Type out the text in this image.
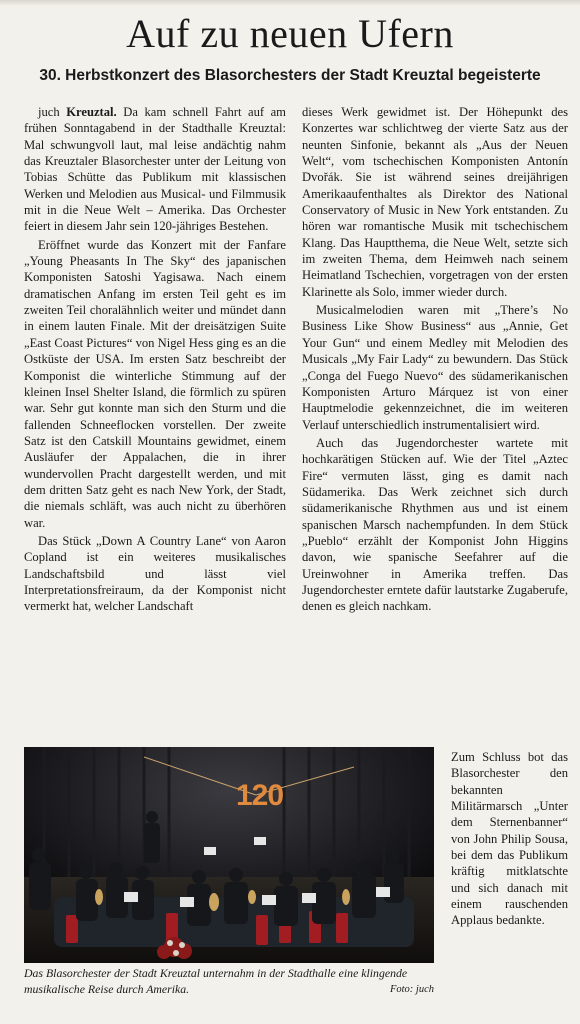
Auf zu neuen Ufern
30. Herbstkonzert des Blasorchesters der Stadt Kreuztal begeisterte

juch Kreuztal. Da kam schnell Fahrt auf am frühen Sonntagabend in der Stadthalle Kreuztal: Mal schwungvoll laut, mal leise andächtig nahm das Kreuztaler Blasorchester unter der Leitung von Tobias Schütte das Publikum mit klassischen Werken und Melodien aus Musical- und Filmmusik mit in die Neue Welt – Amerika. Das Orchester feiert in diesem Jahr sein 120-jähriges Bestehen.

Eröffnet wurde das Konzert mit der Fanfare „Young Pheasants In The Sky“ des japanischen Komponisten Satoshi Yagisawa. Nach einem dramatischen Anfang im ersten Teil geht es im zweiten Teil choralähnlich weiter und mündet dann in einem lauten Finale. Mit der dreisätzigen Suite „East Coast Pictures“ von Nigel Hess ging es an die Ostküste der USA. Im ersten Satz beschreibt der Komponist die winterliche Stimmung auf der kleinen Insel Shelter Island, die förmlich zu spüren war. Sehr gut konnte man sich den Sturm und die fallenden Schneeflocken vorstellen. Der zweite Satz ist den Catskill Mountains gewidmet, einem Ausläufer der Appalachen, die in ihrer wundervollen Pracht dargestellt werden, und mit dem dritten Satz geht es nach New York, der Stadt, die niemals schläft, was auch nicht zu überhören war.

Das Stück „Down A Country Lane“ von Aaron Copland ist ein weiteres musikalisches Landschaftsbild und lässt viel Interpretationsfreiraum, da der Komponist nicht vermerkt hat, welcher Landschaft

dieses Werk gewidmet ist. Der Höhepunkt des Konzertes war schlichtweg der vierte Satz aus der neunten Sinfonie, bekannt als „Aus der Neuen Welt“, vom tschechischen Komponisten Antonín Dvořák. Sie ist während seines dreijährigen Amerikaaufenthaltes als Direktor des National Conservatory of Music in New York entstanden. Zu hören war romantische Musik mit tschechischem Klang. Das Hauptthema, die Neue Welt, setzte sich im zweiten Thema, dem Heimweh nach seinem Heimatland Tschechien, vorgetragen von der ersten Klarinette als Solo, immer wieder durch.

Musicalmelodien waren mit „There’s No Business Like Show Business“ aus „Annie, Get Your Gun“ und einem Medley mit Melodien des Musicals „My Fair Lady“ zu bewundern. Das Stück „Conga del Fuego Nuevo“ des südamerikanischen Komponisten Arturo Márquez ist von einer Hauptmelodie gekennzeichnet, die im weiteren Verlauf unterschiedlich instrumentalisiert wird.

Auch das Jugendorchester wartete mit hochkarätigen Stücken auf. Wie der Titel „Aztec Fire“ vermuten lässt, ging es damit nach Südamerika. Das Werk zeichnet sich durch südamerikanische Rhythmen aus und ist einem spanischen Marsch nachempfunden. In dem Stück „Pueblo“ erzählt der Komponist John Higgins davon, wie spanische Seefahrer auf die Ureinwohner in Amerika treffen. Das Jugendorchester erntete dafür lautstarke Zugaberufe, denen es gleich nachkam.

Zum Schluss bot das Blasorchester den bekannten Militärmarsch „Unter dem Sternenbanner“ von John Philip Sousa, bei dem das Publikum kräftig mitklatschte und sich danach mit einem rauschenden Applaus bedankte.

120
Das Blasorchester der Stadt Kreuztal unternahm in der Stadthalle eine klingende musikalische Reise durch Amerika.	Foto: juch
